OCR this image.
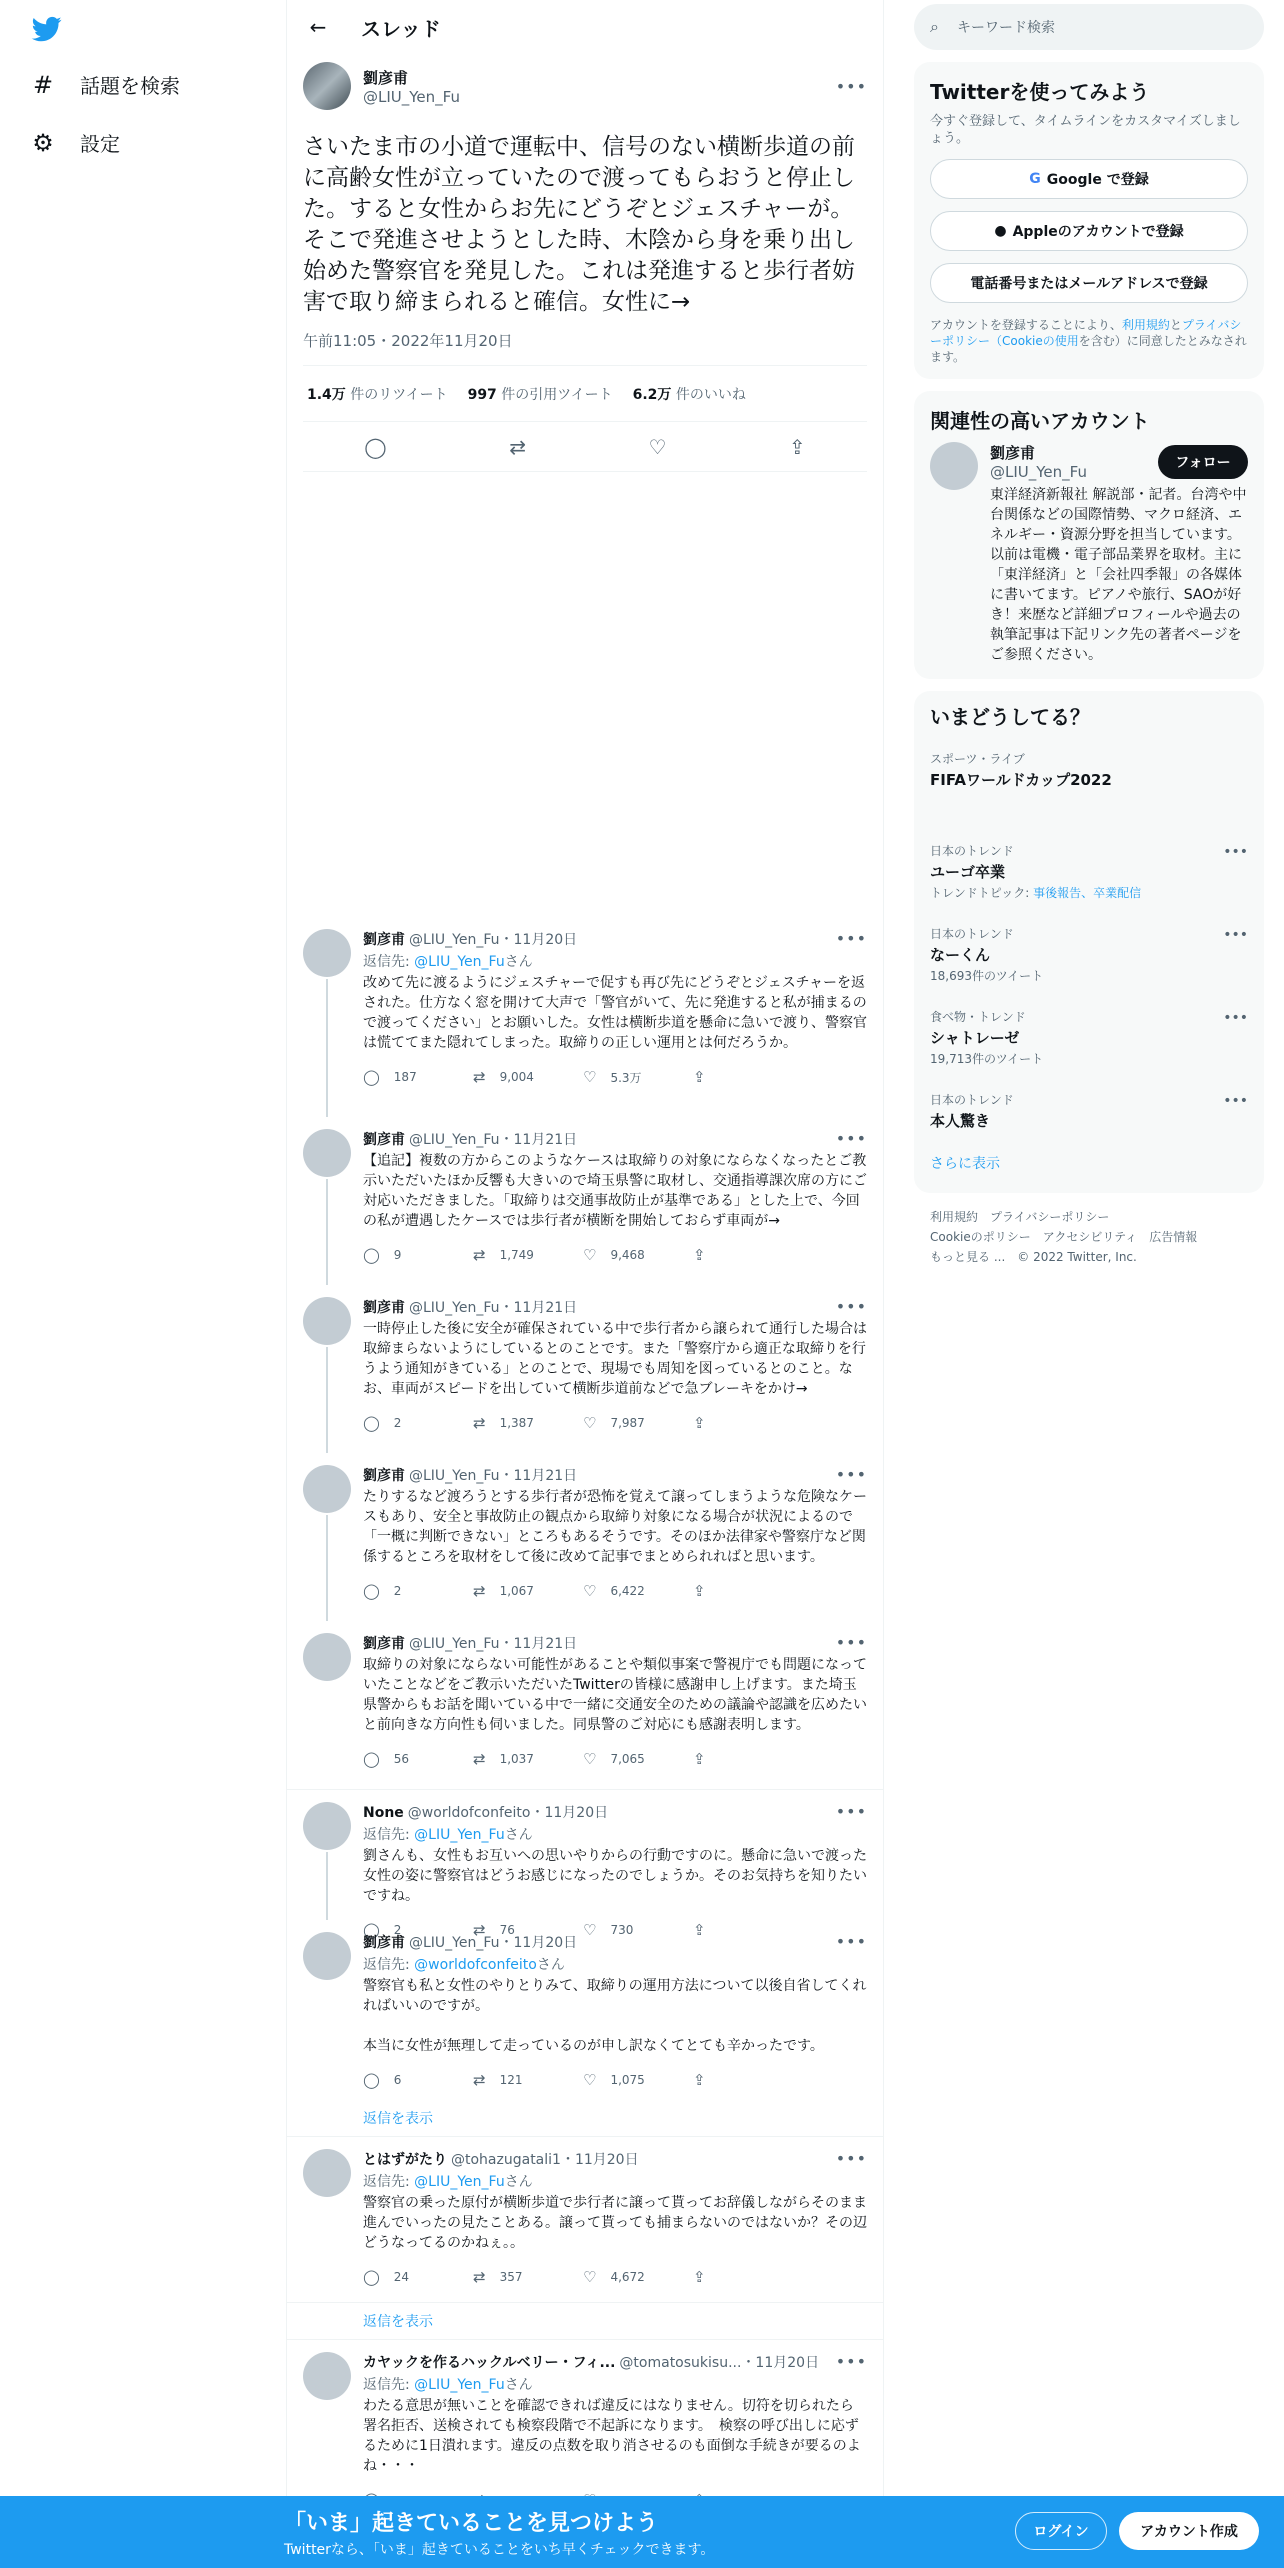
# 話題を検索
⚙ 設定
←	スレッド
劉彦甫
@LIU_Yen_Fu
•••
さいたま市の小道で運転中、信号のない横断歩道の前に高齢女性が立っていたので渡ってもらおうと停止した。すると女性からお先にどうぞとジェスチャーが。そこで発進させようとした時、木陰から身を乗り出し始めた警察官を発見した。これは発進すると歩行者妨害で取り締まられると確信。女性に→
午前11:05・2022年11月20日
1.4万 件のリツイート 997 件の引用ツイート 6.2万 件のいいね
◯	⇄	♡	⇪
劉彦甫 @LIU_Yen_Fu ・11月20日	•••
返信先: @LIU_Yen_Fuさん
改めて先に渡るようにジェスチャーで促すも再び先にどうぞとジェスチャーを返された。仕方なく窓を開けて大声で「警官がいて、先に発進すると私が捕まるので渡ってください」とお願いした。女性は横断歩道を懸命に急いで渡り、警察官は慌ててまた隠れてしまった。取締りの正しい運用とは何だろうか。
◯ 187	⇄ 9,004	♡ 5.3万	⇪
劉彦甫 @LIU_Yen_Fu ・11月21日	•••
【追記】複数の方からこのようなケースは取締りの対象にならなくなったとご教示いただいたほか反響も大きいので埼玉県警に取材し、交通指導課次席の方にご対応いただきました。「取締りは交通事故防止が基準である」とした上で、今回の私が遭遇したケースでは歩行者が横断を開始しておらず車両が→
◯ 9	⇄ 1,749	♡ 9,468	⇪
劉彦甫 @LIU_Yen_Fu ・11月21日	•••
一時停止した後に安全が確保されている中で歩行者から譲られて通行した場合は取締まらないようにしているとのことです。また「警察庁から適正な取締りを行うよう通知がきている」とのことで、現場でも周知を図っているとのこと。なお、車両がスピードを出していて横断歩道前などで急ブレーキをかけ→
◯ 2	⇄ 1,387	♡ 7,987	⇪
劉彦甫 @LIU_Yen_Fu ・11月21日	•••
たりするなど渡ろうとする歩行者が恐怖を覚えて譲ってしまうような危険なケースもあり、安全と事故防止の観点から取締り対象になる場合が状況によるので「一概に判断できない」ところもあるそうです。そのほか法律家や警察庁など関係するところを取材をして後に改めて記事でまとめられればと思います。
◯ 2	⇄ 1,067	♡ 6,422	⇪
劉彦甫 @LIU_Yen_Fu ・11月21日	•••
取締りの対象にならない可能性があることや類似事案で警視庁でも問題になっていたことなどをご教示いただいたTwitterの皆様に感謝申し上げます。また埼玉県警からもお話を聞いている中で一緒に交通安全のための議論や認識を広めたいと前向きな方向性も伺いました。同県警のご対応にも感謝表明します。
◯ 56	⇄ 1,037	♡ 7,065	⇪
None @worldofconfeito ・11月20日	•••
返信先: @LIU_Yen_Fuさん
劉さんも、女性もお互いへの思いやりからの行動ですのに。懸命に急いで渡った女性の姿に警察官はどうお感じになったのでしょうか。そのお気持ちを知りたいですね。
◯ 2	⇄ 76	♡ 730	⇪
劉彦甫 @LIU_Yen_Fu ・11月20日	•••
返信先: @worldofconfeitoさん
警察官も私と女性のやりとりみて、取締りの運用方法について以後自省してくれればいいのですが。

本当に女性が無理して走っているのが申し訳なくてとても辛かったです。
◯ 6	⇄ 121	♡ 1,075	⇪
返信を表示
とはずがたり @tohazugatali1 ・11月20日	•••
返信先: @LIU_Yen_Fuさん
警察官の乗った原付が横断歩道で歩行者に譲って貰ってお辞儀しながらそのまま進んでいったの見たことある。譲って貰っても捕まらないのではないか？その辺どうなってるのかねぇ。。
◯ 24	⇄ 357	♡ 4,672	⇪
返信を表示
カヤックを作るハックルベリー・フィ... @tomatosukisu... ・11月20日 •••
返信先: @LIU_Yen_Fuさん
わたる意思が無いことを確認できれば違反にはなりません。切符を切られたら署名拒否、送検されても検察段階で不起訴になります。　検察の呼び出しに応ずるために1日潰れます。違反の点数を取り消させるのも面倒な手続きが要るのよね・・・
⌕ キーワード検索
Twitterを使ってみよう
今すぐ登録して、タイムラインをカスタマイズしましょう。
G Google で登録
● Appleのアカウントで登録
電話番号またはメールアドレスで登録
アカウントを登録することにより、利用規約とプライバシーポリシー（Cookieの使用を含む）に同意したとみなされます。
関連性の高いアカウント
劉彦甫
@LIU_Yen_Fu
フォロー
東洋経済新報社 解説部・記者。台湾や中台関係などの国際情勢、マクロ経済、エネルギー・資源分野を担当しています。以前は電機・電子部品業界を取材。主に「東洋経済」と「会社四季報」の各媒体に書いてます。ピアノや旅行、SAOが好き！来歴など詳細プロフィールや過去の執筆記事は下記リンク先の著者ページをご参照ください。
いまどうしてる？
スポーツ・ライブ
FIFAワールドカップ2022
日本のトレンド
ユーゴ卒業
トレンドトピック: 事後報告、卒業配信
•••
日本のトレンド
なーくん
18,693件のツイート
•••
食べ物・トレンド
シャトレーゼ
19,713件のツイート
•••
日本のトレンド
本人驚き
•••
さらに表示
利用規約 プライバシーポリシー
Cookieのポリシー アクセシビリティ 広告情報
もっと見る ... © 2022 Twitter, Inc.
「いま」起きていることを見つけよう
Twitterなら、「いま」起きていることをいち早くチェックできます。
ログイン	アカウント作成
